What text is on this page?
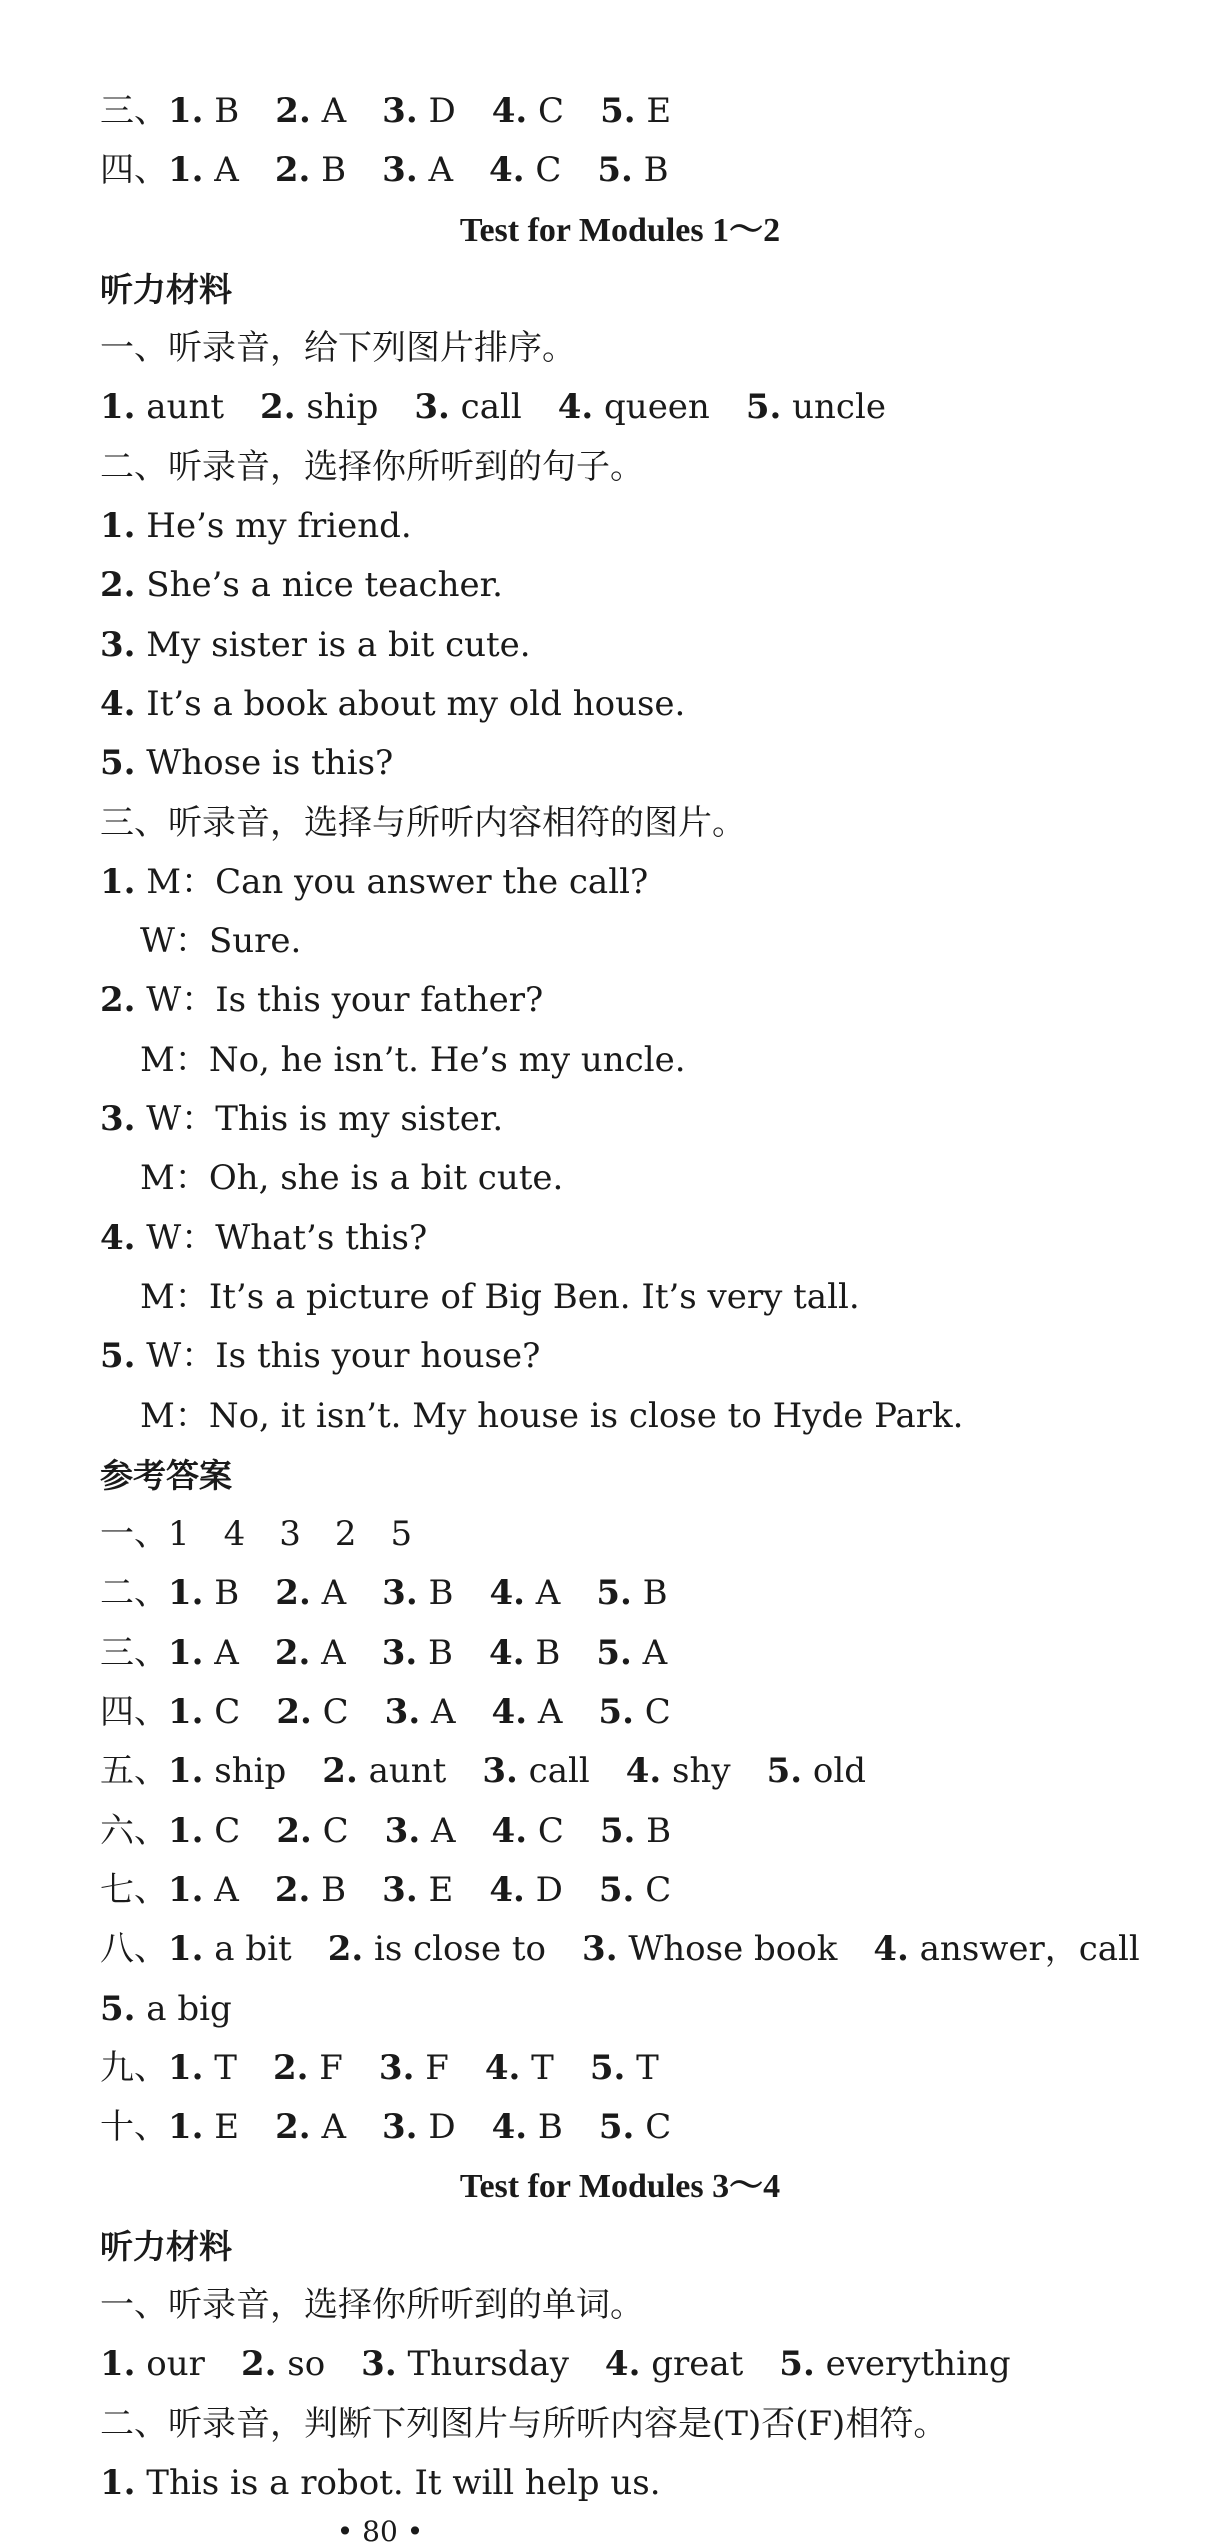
三、1. B 2. A 3. D 4. C 5. E
四、1. A 2. B 3. A 4. C 5. B
Test for Modules 1～2
听力材料
一、听录音，给下列图片排序。
1. aunt 2. ship 3. call 4. queen 5. uncle
二、听录音，选择你所听到的句子。
1. He’s my friend.
2. She’s a nice teacher.
3. My sister is a bit cute.
4. It’s a book about my old house.
5. Whose is this?
三、听录音，选择与所听内容相符的图片。
1. M：Can you answer the call?
W：Sure.
2. W：Is this your father?
M：No, he isn’t. He’s my uncle.
3. W：This is my sister.
M：Oh, she is a bit cute.
4. W：What’s this?
M：It’s a picture of Big Ben. It’s very tall.
5. W：Is this your house?
M：No, it isn’t. My house is close to Hyde Park.
参考答案
一、1　4　3　2　5
二、1. B 2. A 3. B 4. A 5. B
三、1. A 2. A 3. B 4. B 5. A
四、1. C 2. C 3. A 4. A 5. C
五、1. ship 2. aunt 3. call 4. shy 5. old
六、1. C 2. C 3. A 4. C 5. B
七、1. A 2. B 3. E 4. D 5. C
八、1. a bit 2. is close to 3. Whose book 4. answer，call
5. a big
九、1. T 2. F 3. F 4. T 5. T
十、1. E 2. A 3. D 4. B 5. C
Test for Modules 3～4
听力材料
一、听录音，选择你所听到的单词。
1. our 2. so 3. Thursday 4. great 5. everything
二、听录音，判断下列图片与所听内容是(T)否(F)相符。
1. This is a robot. It will help us.
• 80 •
